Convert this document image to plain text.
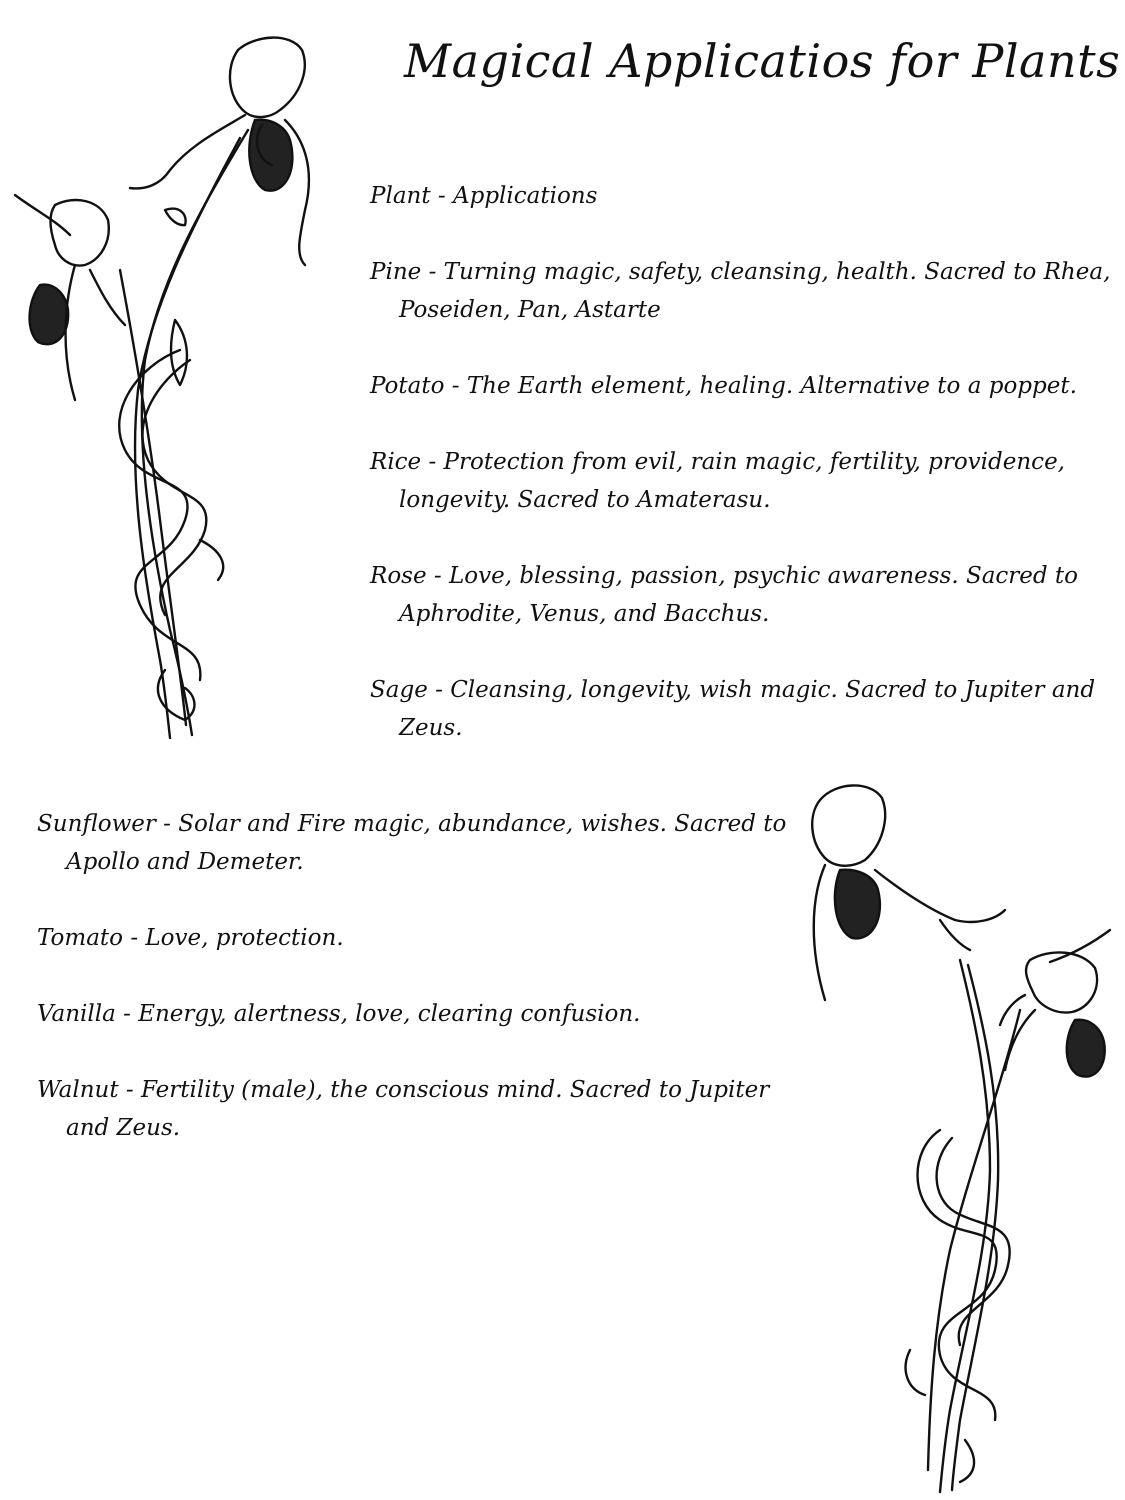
Magical Applicatios for Plants
Plant - Applications
Pine - Turning magic, safety, cleansing, health. Sacred to Rhea,
Poseiden, Pan, Astarte
Potato - The Earth element, healing. Alternative to a poppet.
Rice - Protection from evil, rain magic, fertility, providence,
longevity. Sacred to Amaterasu.
Rose - Love, blessing, passion, psychic awareness. Sacred to
Aphrodite, Venus, and Bacchus.
Sage - Cleansing, longevity, wish magic. Sacred to Jupiter and
Zeus.
Sunflower - Solar and Fire magic, abundance, wishes. Sacred to
Apollo and Demeter.
Tomato - Love, protection.
Vanilla - Energy, alertness, love, clearing confusion.
Walnut - Fertility (male), the conscious mind. Sacred to Jupiter
and Zeus.
